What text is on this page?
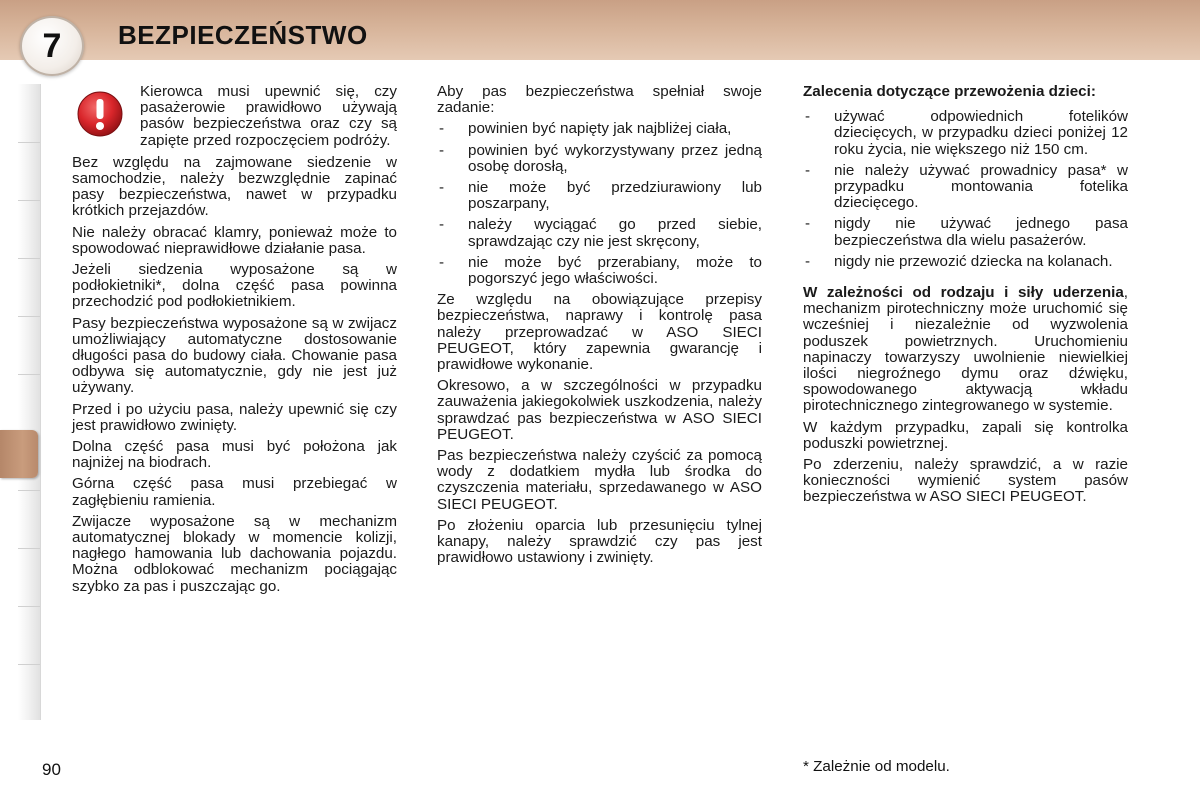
7 BEZPIECZEŃSTWO

Kierowca musi upewnić się, czy pasażerowie prawidłowo używają pasów bezpieczeństwa oraz czy są zapięte przed rozpoczęciem podróży.

Bez względu na zajmowane siedzenie w samochodzie, należy bezwzględnie zapinać pasy bezpieczeństwa, nawet w przypadku krótkich przejazdów.

Nie należy obracać klamry, ponieważ może to spowodować nieprawidłowe działanie pasa.

Jeżeli siedzenia wyposażone są w podłokietniki*, dolna część pasa powinna przechodzić pod podłokietnikiem.

Pasy bezpieczeństwa wyposażone są w zwijacz umożliwiający automatyczne dostosowanie długości pasa do budowy ciała. Chowanie pasa odbywa się automatycznie, gdy nie jest już używany.

Przed i po użyciu pasa, należy upewnić się czy jest prawidłowo zwinięty.

Dolna część pasa musi być położona jak najniżej na biodrach.

Górna część pasa musi przebiegać w zagłębieniu ramienia.

Zwijacze wyposażone są w mechanizm automatycznej blokady w momencie kolizji, nagłego hamowania lub dachowania pojazdu. Można odblokować mechanizm pociągając szybko za pas i puszczając go.

Aby pas bezpieczeństwa spełniał swoje zadanie:

- powinien być napięty jak najbliżej ciała,
- powinien być wykorzystywany przez jedną osobę dorosłą,
- nie może być przedziurawiony lub poszarpany,
- należy wyciągać go przed siebie, sprawdzając czy nie jest skręcony,
- nie może być przerabiany, może to pogorszyć jego właściwości.

Ze względu na obowiązujące przepisy bezpieczeństwa, naprawy i kontrolę pasa należy przeprowadzać w ASO SIECI PEUGEOT, który zapewnia gwarancję i prawidłowe wykonanie.

Okresowo, a w szczególności w przypadku zauważenia jakiegokolwiek uszkodzenia, należy sprawdzać pas bezpieczeństwa w ASO SIECI PEUGEOT.

Pas bezpieczeństwa należy czyścić za pomocą wody z dodatkiem mydła lub środka do czyszczenia materiału, sprzedawanego w ASO SIECI PEUGEOT.

Po złożeniu oparcia lub przesunięciu tylnej kanapy, należy sprawdzić czy pas jest prawidłowo ustawiony i zwinięty.

Zalecenia dotyczące przewożenia dzieci:

- używać odpowiednich fotelików dziecięcych, w przypadku dzieci poniżej 12 roku życia, nie większego niż 150 cm.
- nie należy używać prowadnicy pasa* w przypadku montowania fotelika dziecięcego.
- nigdy nie używać jednego pasa bezpieczeństwa dla wielu pasażerów.
- nigdy nie przewozić dziecka na kolanach.

W zależności od rodzaju i siły uderzenia, mechanizm pirotechniczny może uruchomić się wcześniej i niezależnie od wyzwolenia poduszek powietrznych. Uruchomieniu napinaczy towarzyszy uwolnienie niewielkiej ilości niegroźnego dymu oraz dźwięku, spowodowanego aktywacją wkładu pirotechnicznego zintegrowanego w systemie.

W każdym przypadku, zapali się kontrolka poduszki powietrznej.

Po zderzeniu, należy sprawdzić, a w razie konieczności wymienić system pasów bezpieczeństwa w ASO SIECI PEUGEOT.

90	* Zależnie od modelu.
